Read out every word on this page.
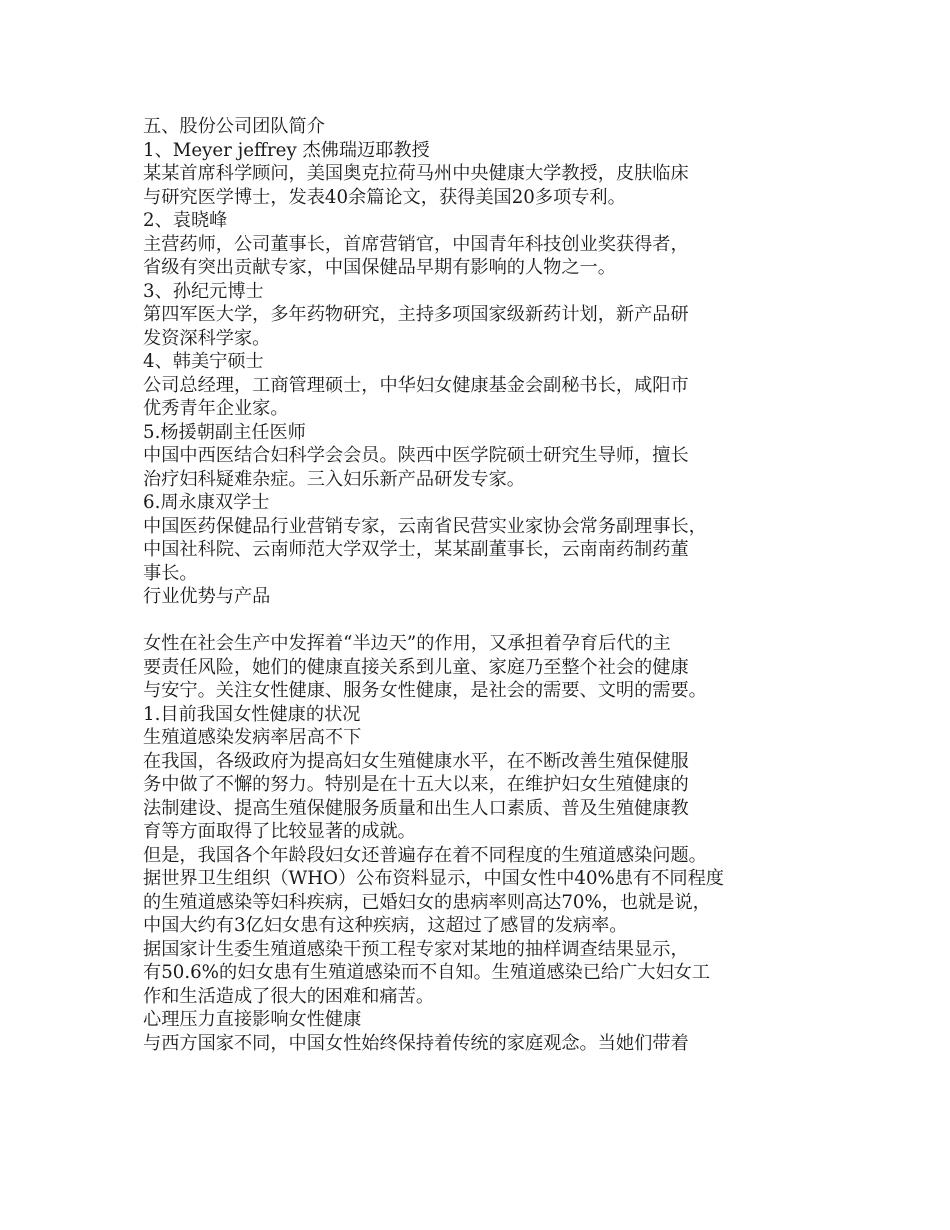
五、股份公司团队简介
1、Meyer jeffrey 杰佛瑞迈耶教授
某某首席科学顾问，美国奥克拉荷马州中央健康大学教授，皮肤临床
与研究医学博士，发表40余篇论文，获得美国20多项专利。
2、袁晓峰
主营药师，公司董事长，首席营销官，中国青年科技创业奖获得者，
省级有突出贡献专家，中国保健品早期有影响的人物之一。
3、孙纪元博士
第四军医大学，多年药物研究，主持多项国家级新药计划，新产品研
发资深科学家。
4、韩美宁硕士
公司总经理，工商管理硕士，中华妇女健康基金会副秘书长，咸阳市
优秀青年企业家。
5.杨援朝副主任医师
中国中西医结合妇科学会会员。陕西中医学院硕士研究生导师，擅长
治疗妇科疑难杂症。三入妇乐新产品研发专家。
6.周永康双学士
中国医药保健品行业营销专家，云南省民营实业家协会常务副理事长，
中国社科院、云南师范大学双学士，某某副董事长，云南南药制药董
事长。
行业优势与产品
女性在社会生产中发挥着“半边天”的作用，又承担着孕育后代的主
要责任风险，她们的健康直接关系到儿童、家庭乃至整个社会的健康
与安宁。关注女性健康、服务女性健康，是社会的需要、文明的需要。
1.目前我国女性健康的状况
生殖道感染发病率居高不下
在我国，各级政府为提高妇女生殖健康水平，在不断改善生殖保健服
务中做了不懈的努力。特别是在十五大以来，在维护妇女生殖健康的
法制建设、提高生殖保健服务质量和出生人口素质、普及生殖健康教
育等方面取得了比较显著的成就。
但是，我国各个年龄段妇女还普遍存在着不同程度的生殖道感染问题。
据世界卫生组织（WHO）公布资料显示，中国女性中40%患有不同程度
的生殖道感染等妇科疾病，已婚妇女的患病率则高达70%，也就是说，
中国大约有3亿妇女患有这种疾病，这超过了感冒的发病率。
据国家计生委生殖道感染干预工程专家对某地的抽样调查结果显示，
有50.6%的妇女患有生殖道感染而不自知。生殖道感染已给广大妇女工
作和生活造成了很大的困难和痛苦。
心理压力直接影响女性健康
与西方国家不同，中国女性始终保持着传统的家庭观念。当她们带着
